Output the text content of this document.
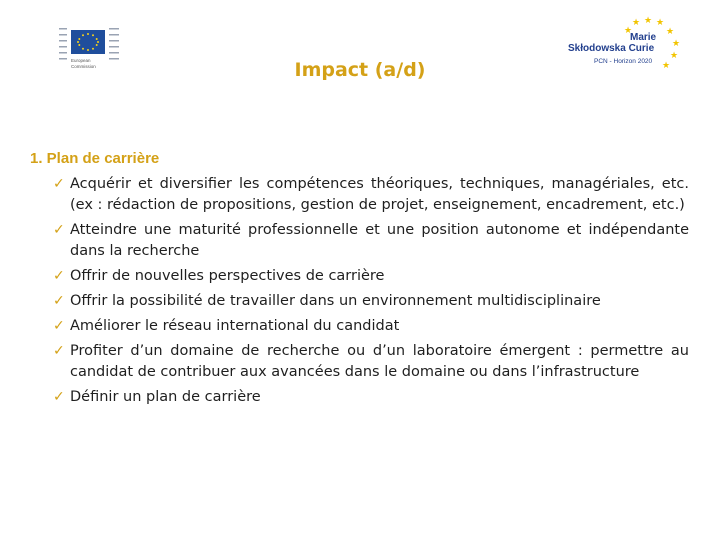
European
Commission
★ ★ ★
★
★
★
★
★
Marie
Skłodowska Curie
PCN - Horizon 2020
Impact (a/d)
1. Plan de carrière
✓ Acquérir et diversifier les compétences théoriques, techniques, managériales, etc. (ex : rédaction de propositions, gestion de projet, enseignement, encadrement, etc.)
✓ Atteindre une maturité professionnelle et une position autonome et indépendante dans la recherche
✓ Offrir de nouvelles perspectives de carrière
✓ Offrir la possibilité de travailler dans un environnement multidisciplinaire
✓ Améliorer le réseau international du candidat
✓ Profiter d’un domaine de recherche ou d’un laboratoire émergent : permettre au candidat de contribuer aux avancées dans le domaine ou dans l’infrastructure
✓ Définir un plan de carrière
